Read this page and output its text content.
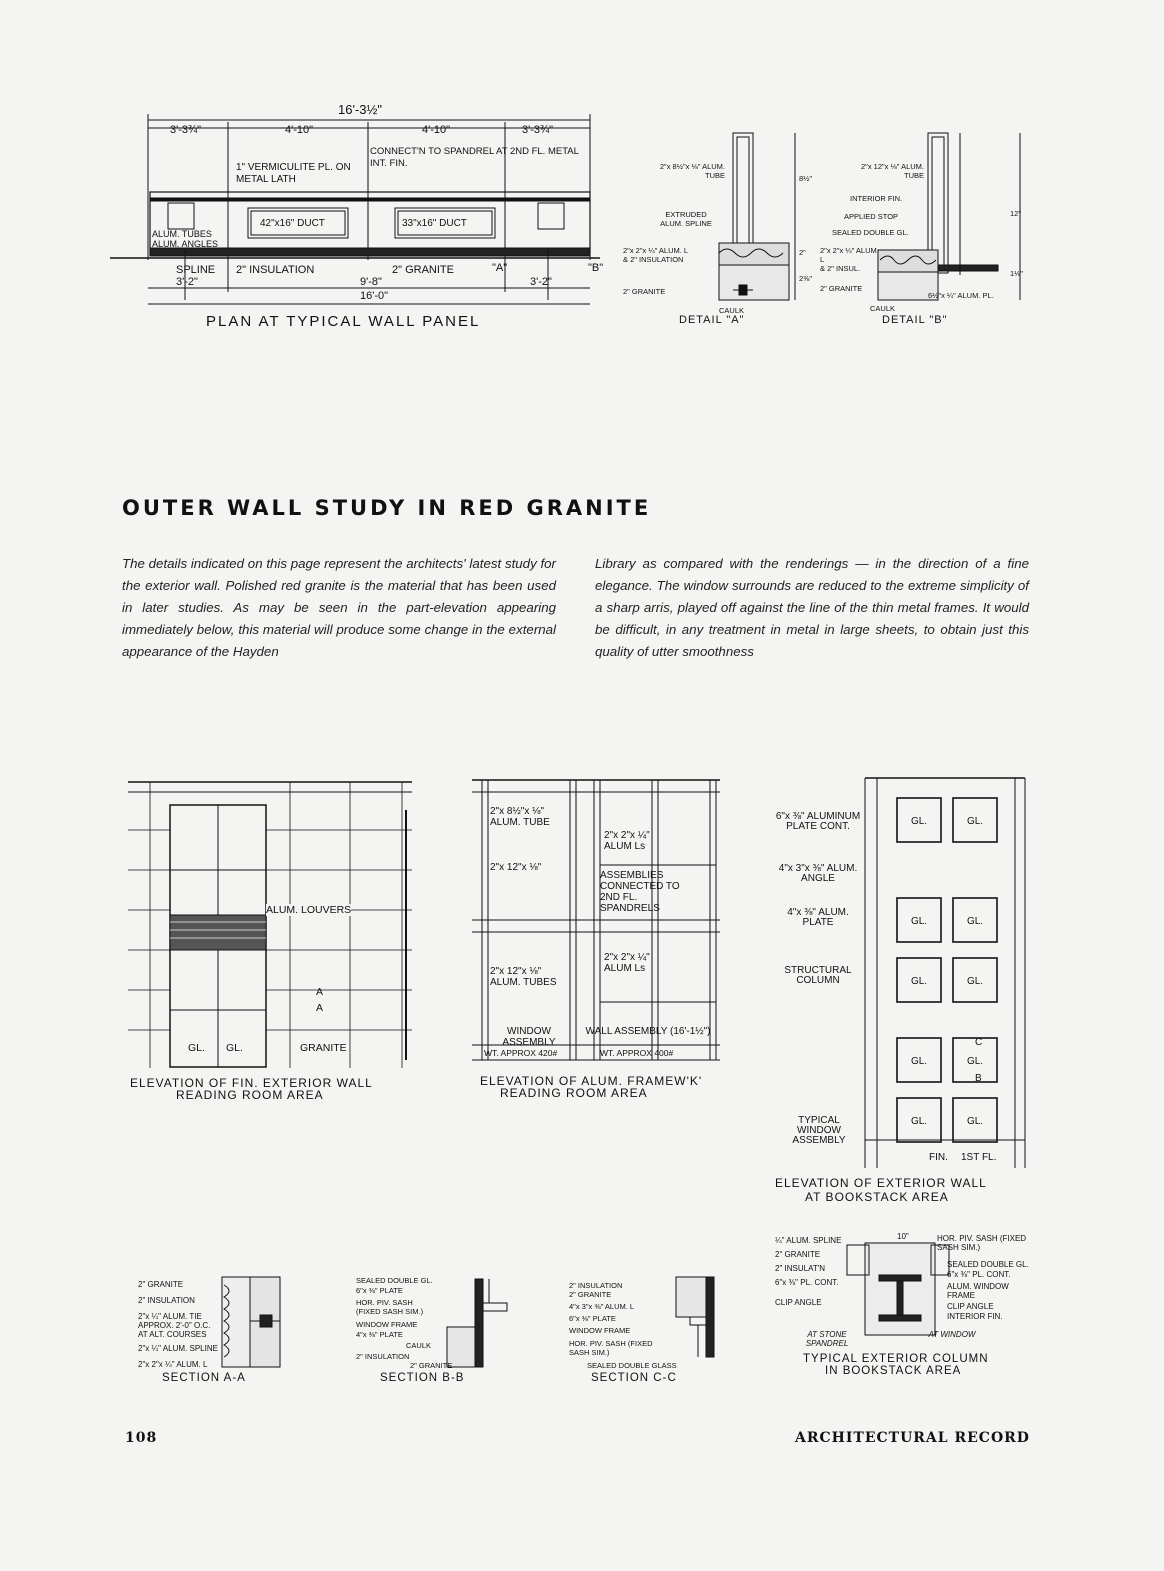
16'-3½"
3'-3¾"	4'-10"	4'-10"	3'-3¾"
1" VERMICULITE PL. ON METAL LATH
CONNECT'N TO SPANDREL AT 2ND FL. METAL INT. FIN.
42"x16" DUCT	33"x16" DUCT
ALUM. TUBES
ALUM. ANGLES
SPLINE 2" INSULATION	2" GRANITE	"A"	"B"
3'-2"	9'-8"	3'-2"
16'-0"
PLAN AT TYPICAL WALL PANEL
2"x 8½"x ⅛" ALUM. TUBE
EXTRUDED ALUM. SPLINE
2"x 2"x ¼" ALUM. L
& 2" INSULATION
2" GRANITE
CAULK
8½"
2"
2⅜"
DETAIL "A"
2"x 12"x ⅛" ALUM. TUBE
INTERIOR FIN.
APPLIED STOP
SEALED DOUBLE GL.
2"x 2"x ¼" ALUM. L
& 2" INSUL.
2" GRANITE
CAULK
6½"x ¼" ALUM. PL.
12"
1⅛"
DETAIL "B"
OUTER WALL STUDY IN RED GRANITE
The details indicated on this page represent the architects' latest study for the exterior wall. Polished red granite is the material that has been used in later studies. As may be seen in the part-elevation appearing immediately below, this material will produce some change in the external appearance of the Hayden
Library as compared with the renderings — in the direction of a fine elegance. The window surrounds are reduced to the extreme simplicity of a sharp arris, played off against the line of the thin metal frames. It would be difficult, in any treatment in metal in large sheets, to obtain just this quality of utter smoothness
ALUM. LOUVERS
GL. GL.	GRANITE
A
A
ELEVATION OF FIN. EXTERIOR WALL
READING ROOM AREA
2"x 8½"x ⅛" ALUM. TUBE
2"x 12"x ⅛"
2"x 2"x ¼" ALUM Ls
ASSEMBLIES CONNECTED TO 2ND FL. SPANDRELS
2"x 12"x ⅛" ALUM. TUBES
2"x 2"x ¼" ALUM Ls
WINDOW ASSEMBLY
WALL ASSEMBLY (16'-1½")
WT. APPROX 420#	WT. APPROX 400#
ELEVATION OF ALUM. FRAMEW'K'
READING ROOM AREA
GL.	GL.
GL.	GL.
GL.	GL.
GL.	GL.
GL.	GL.
6"x ⅜" ALUMINUM PLATE CONT.
4"x 3"x ⅜" ALUM. ANGLE
4"x ⅜" ALUM. PLATE
STRUCTURAL COLUMN
TYPICAL WINDOW ASSEMBLY
FIN. 1ST FL.
C
B
ELEVATION OF EXTERIOR WALL
AT BOOKSTACK AREA
2" GRANITE
2" INSULATION
2"x ¼" ALUM. TIE APPROX. 2'-0" O.C. AT ALT. COURSES
2"x ¼" ALUM. SPLINE
2"x 2"x ¼" ALUM. L
SECTION A-A
SEALED DOUBLE GL.
6"x ⅜" PLATE
HOR. PIV. SASH (FIXED SASH SIM.)
WINDOW FRAME
4"x ⅜" PLATE
CAULK
2" INSULATION
2" GRANITE
SECTION B-B
2" INSULATION
2" GRANITE
4"x 3"x ⅜" ALUM. L
6"x ⅜" PLATE
WINDOW FRAME
HOR. PIV. SASH (FIXED SASH SIM.)
SEALED DOUBLE GLASS
SECTION C-C
¼" ALUM. SPLINE
2" GRANITE
2" INSULAT'N
6"x ⅜" PL. CONT.
CLIP ANGLE
10"	HOR. PIV. SASH (FIXED SASH SIM.)
SEALED DOUBLE GL.
6"x ⅜" PL. CONT.
ALUM. WINDOW FRAME
CLIP ANGLE
INTERIOR FIN.
AT STONE SPANDREL
AT WINDOW
TYPICAL EXTERIOR COLUMN
IN BOOKSTACK AREA
108	ARCHITECTURAL RECORD
